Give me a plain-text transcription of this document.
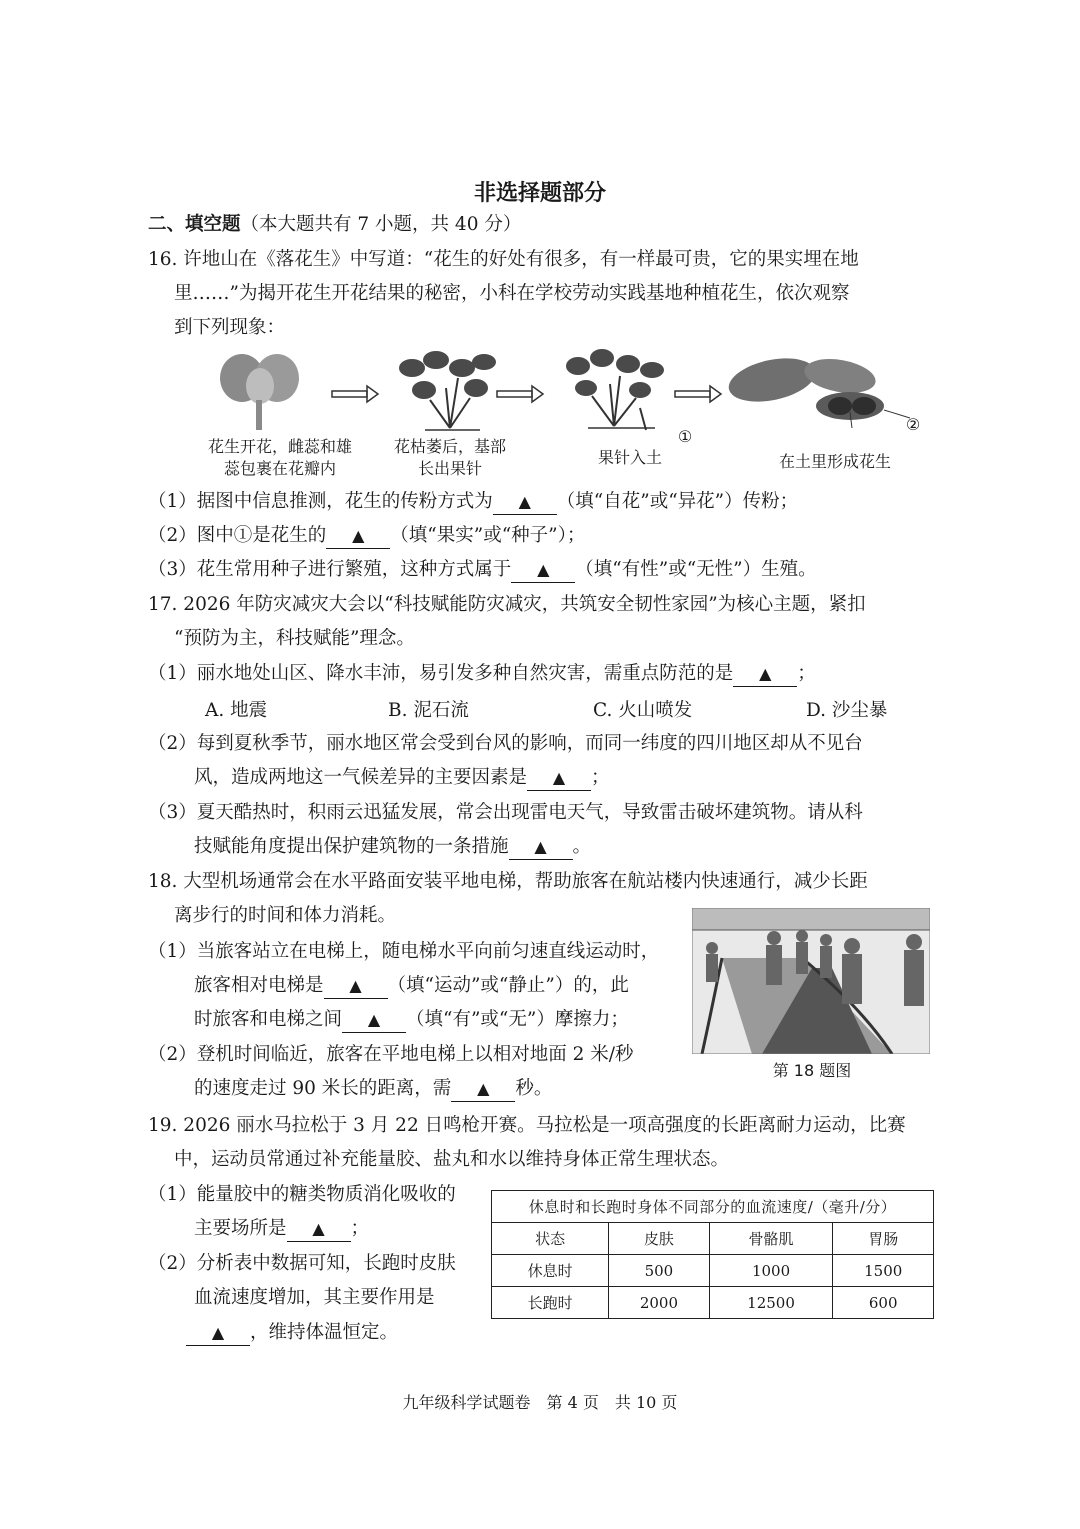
非选择题部分
二、填空题（本大题共有 7 小题，共 40 分）
16. 许地山在《落花生》中写道：“花生的好处有很多，有一样最可贵，它的果实埋在地
里……”为揭开花生开花结果的秘密，小科在学校劳动实践基地种植花生，依次观察
到下列现象：
①
②
花生开花，雌蕊和雄
蕊包裹在花瓣内
花枯萎后，基部
长出果针
果针入土	在土里形成花生
（1）据图中信息推测，花生的传粉方式为 ▲ （填“自花”或“异花”）传粉；
（2）图中①是花生的 ▲ （填“果实”或“种子”）；
（3）花生常用种子进行繁殖，这种方式属于 ▲ （填“有性”或“无性”）生殖。
17. 2026 年防灾减灾大会以“科技赋能防灾减灾，共筑安全韧性家园”为核心主题，紧扣
“预防为主，科技赋能”理念。
（1）丽水地处山区、降水丰沛，易引发多种自然灾害，需重点防范的是 ▲ ；
A. 地震	B. 泥石流	C. 火山喷发	D. 沙尘暴
（2）每到夏秋季节，丽水地区常会受到台风的影响，而同一纬度的四川地区却从不见台
风，造成两地这一气候差异的主要因素是 ▲ ；
（3）夏天酷热时，积雨云迅猛发展，常会出现雷电天气，导致雷击破坏建筑物。请从科
技赋能角度提出保护建筑物的一条措施 ▲ 。
18. 大型机场通常会在水平路面安装平地电梯，帮助旅客在航站楼内快速通行，减少长距
离步行的时间和体力消耗。
（1）当旅客站立在电梯上，随电梯水平向前匀速直线运动时，
旅客相对电梯是 ▲ （填“运动”或“静止”）的，此
时旅客和电梯之间 ▲ （填“有”或“无”）摩擦力；
（2）登机时间临近，旅客在平地电梯上以相对地面 2 米/秒
的速度走过 90 米长的距离，需 ▲ 秒。
第 18 题图
19. 2026 丽水马拉松于 3 月 22 日鸣枪开赛。马拉松是一项高强度的长距离耐力运动，比赛
中，运动员常通过补充能量胶、盐丸和水以维持身体正常生理状态。
（1）能量胶中的糖类物质消化吸收的
主要场所是 ▲ ；
（2）分析表中数据可知，长跑时皮肤
血流速度增加，其主要作用是
▲ ，维持体温恒定。
休息时和长跑时身体不同部分的血流速度/（毫升/分）			
状态	皮肤	骨骼肌	胃肠
休息时	500	1000	1500
长跑时	2000	12500	600
九年级科学试题卷　第 4 页　共 10 页
